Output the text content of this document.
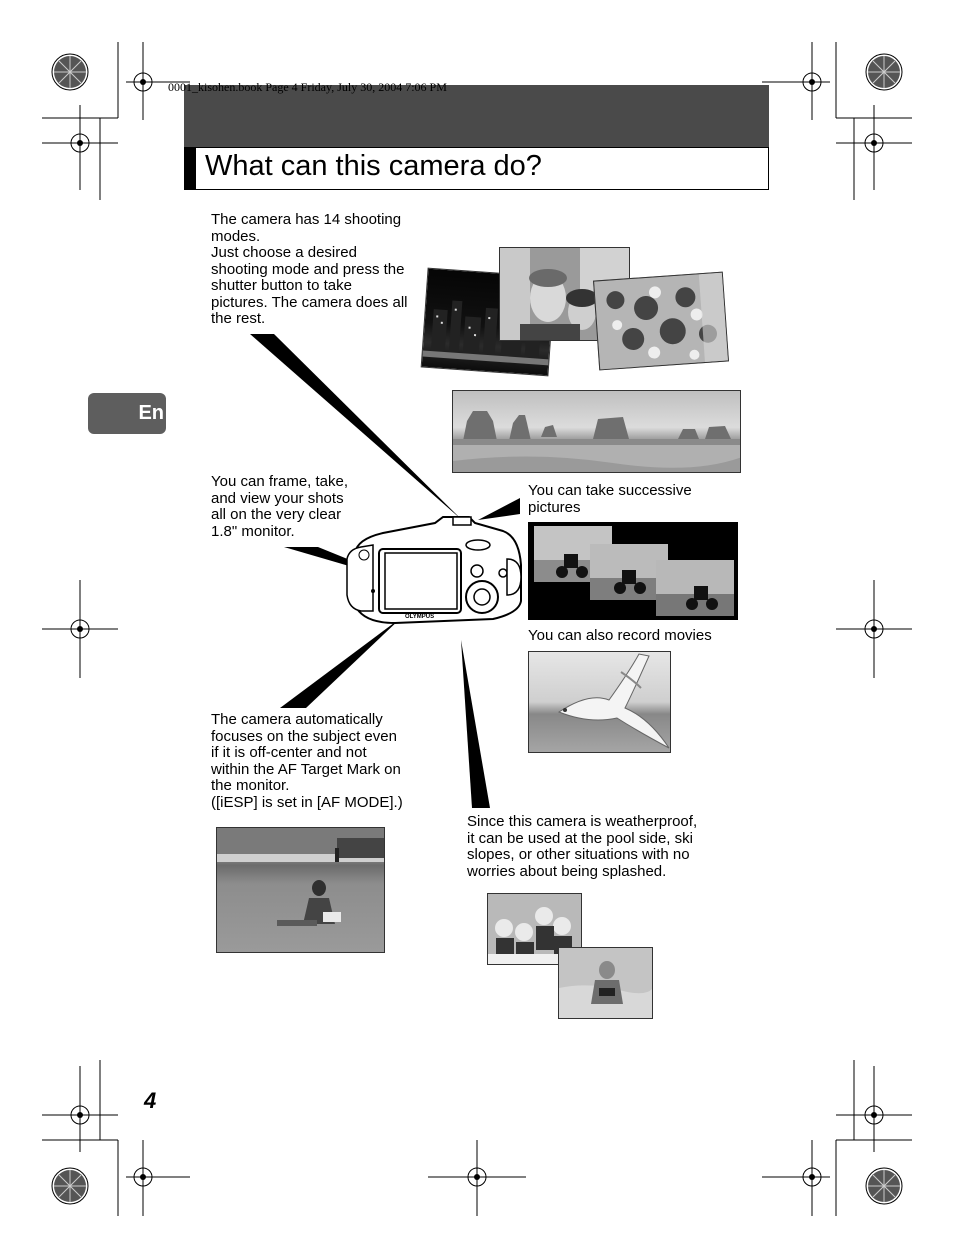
0001_kisohen.book Page 4 Friday, July 30, 2004 7:06 PM
What can this camera do?
En
The camera has 14 shooting
modes.
Just choose a desired
shooting mode and press the
shutter button to take
pictures. The camera does all
the rest.
You can frame, take,
and view your shots
all on the very clear
1.8" monitor.
You can take successive
pictures
You can also record movies
The camera automatically
focuses on the subject even
if it is off-center and not
within the AF Target Mark on
the monitor.
([iESP] is set in [AF MODE].)
Since this camera is weatherproof,
it can be used at the pool side, ski
slopes, or other situations with no
worries about being splashed.
OLYMPUS
4
